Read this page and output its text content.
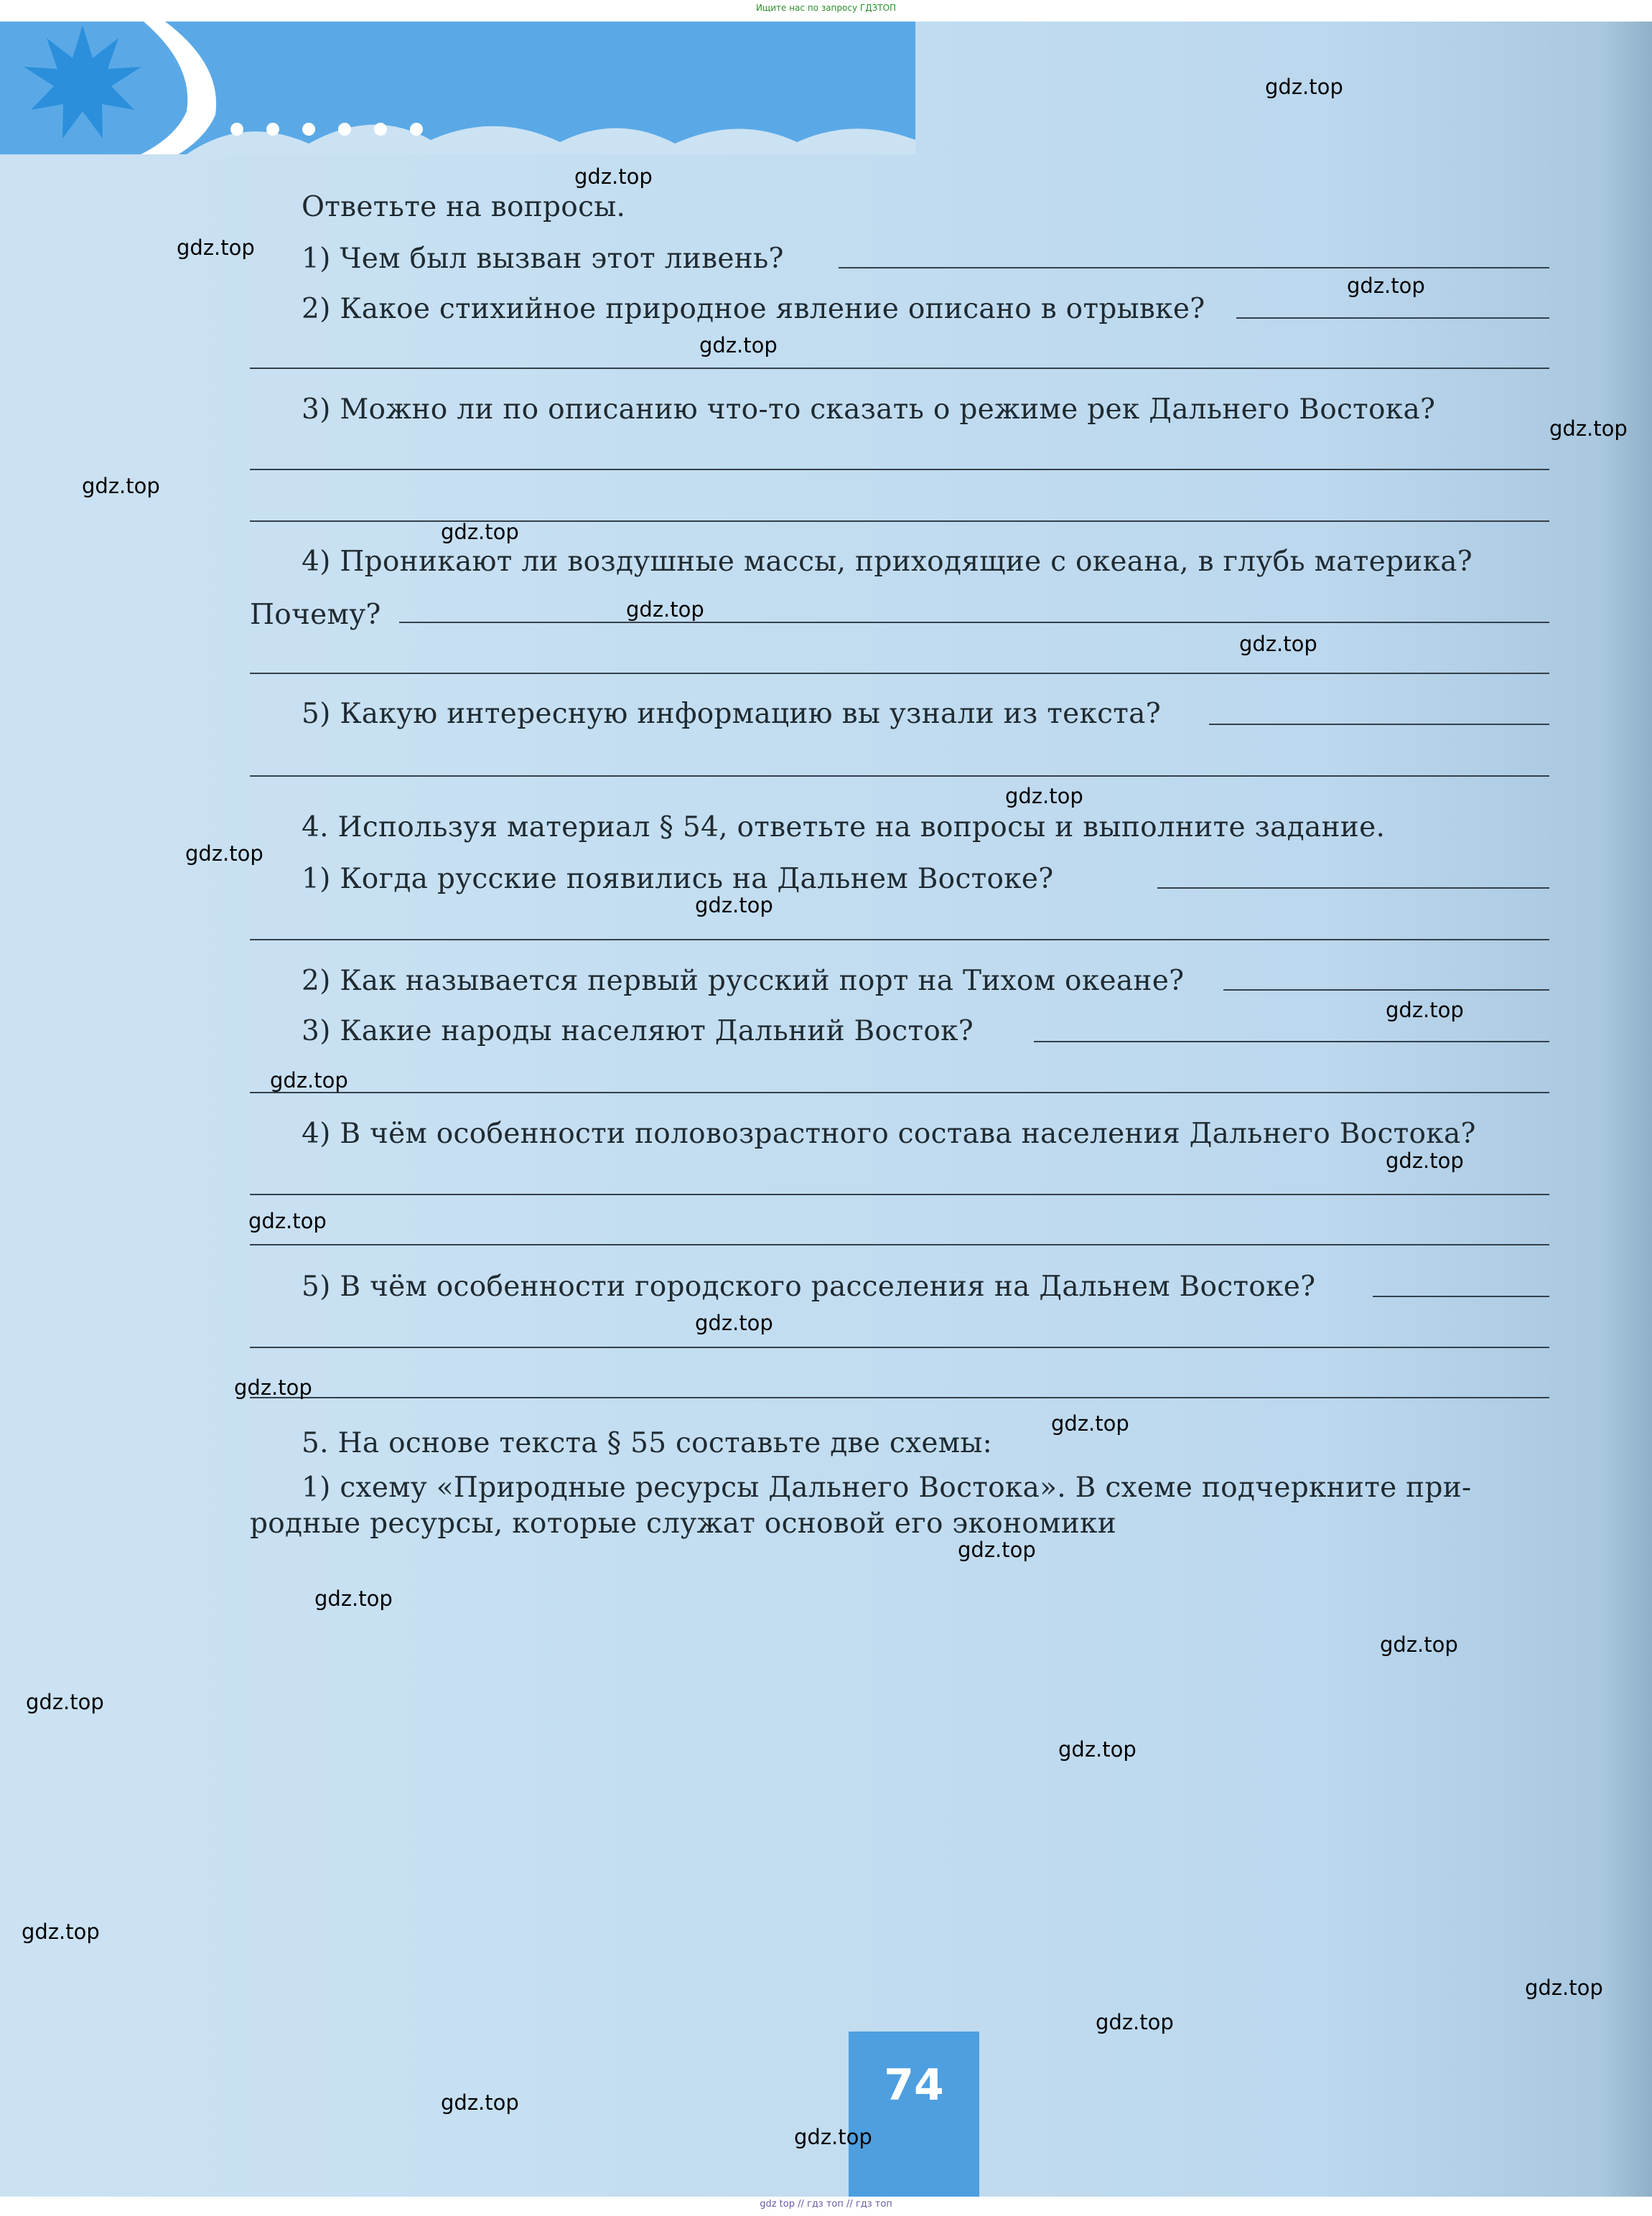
Ищите нас по запросу ГДЗТОП
Ответьте на вопросы.
1) Чем был вызван этот ливень?
2) Какое стихийное природное явление описано в отрывке?
3) Можно ли по описанию что-то сказать о режиме рек Дальнего Востока?
4) Проникают ли воздушные массы, приходящие с океана, в глубь материка?
Почему?
5) Какую интересную информацию вы узнали из текста?
4. Используя материал § 54, ответьте на вопросы и выполните задание.
1) Когда русские появились на Дальнем Востоке?
2) Как называется первый русский порт на Тихом океане?
3) Какие народы населяют Дальний Восток?
4) В чём особенности половозрастного состава населения Дальнего Востока?
5) В чём особенности городского расселения на Дальнем Востоке?
5. На основе текста § 55 составьте две схемы:
1) схему «Природные ресурсы Дальнего Востока». В схеме подчеркните при-
родные ресурсы, которые служат основой его экономики
74
gdz.top
gdz.top
gdz.top
gdz.top
gdz.top
gdz.top
gdz.top
gdz.top
gdz.top
gdz.top
gdz.top
gdz.top
gdz.top
gdz.top
gdz.top
gdz.top
gdz.top
gdz.top
gdz.top
gdz.top
gdz.top
gdz.top
gdz.top
gdz.top
gdz.top
gdz.top
gdz.top
gdz.top
gdz.top
gdz.top
gdz top // гдз топ // гдз топ
